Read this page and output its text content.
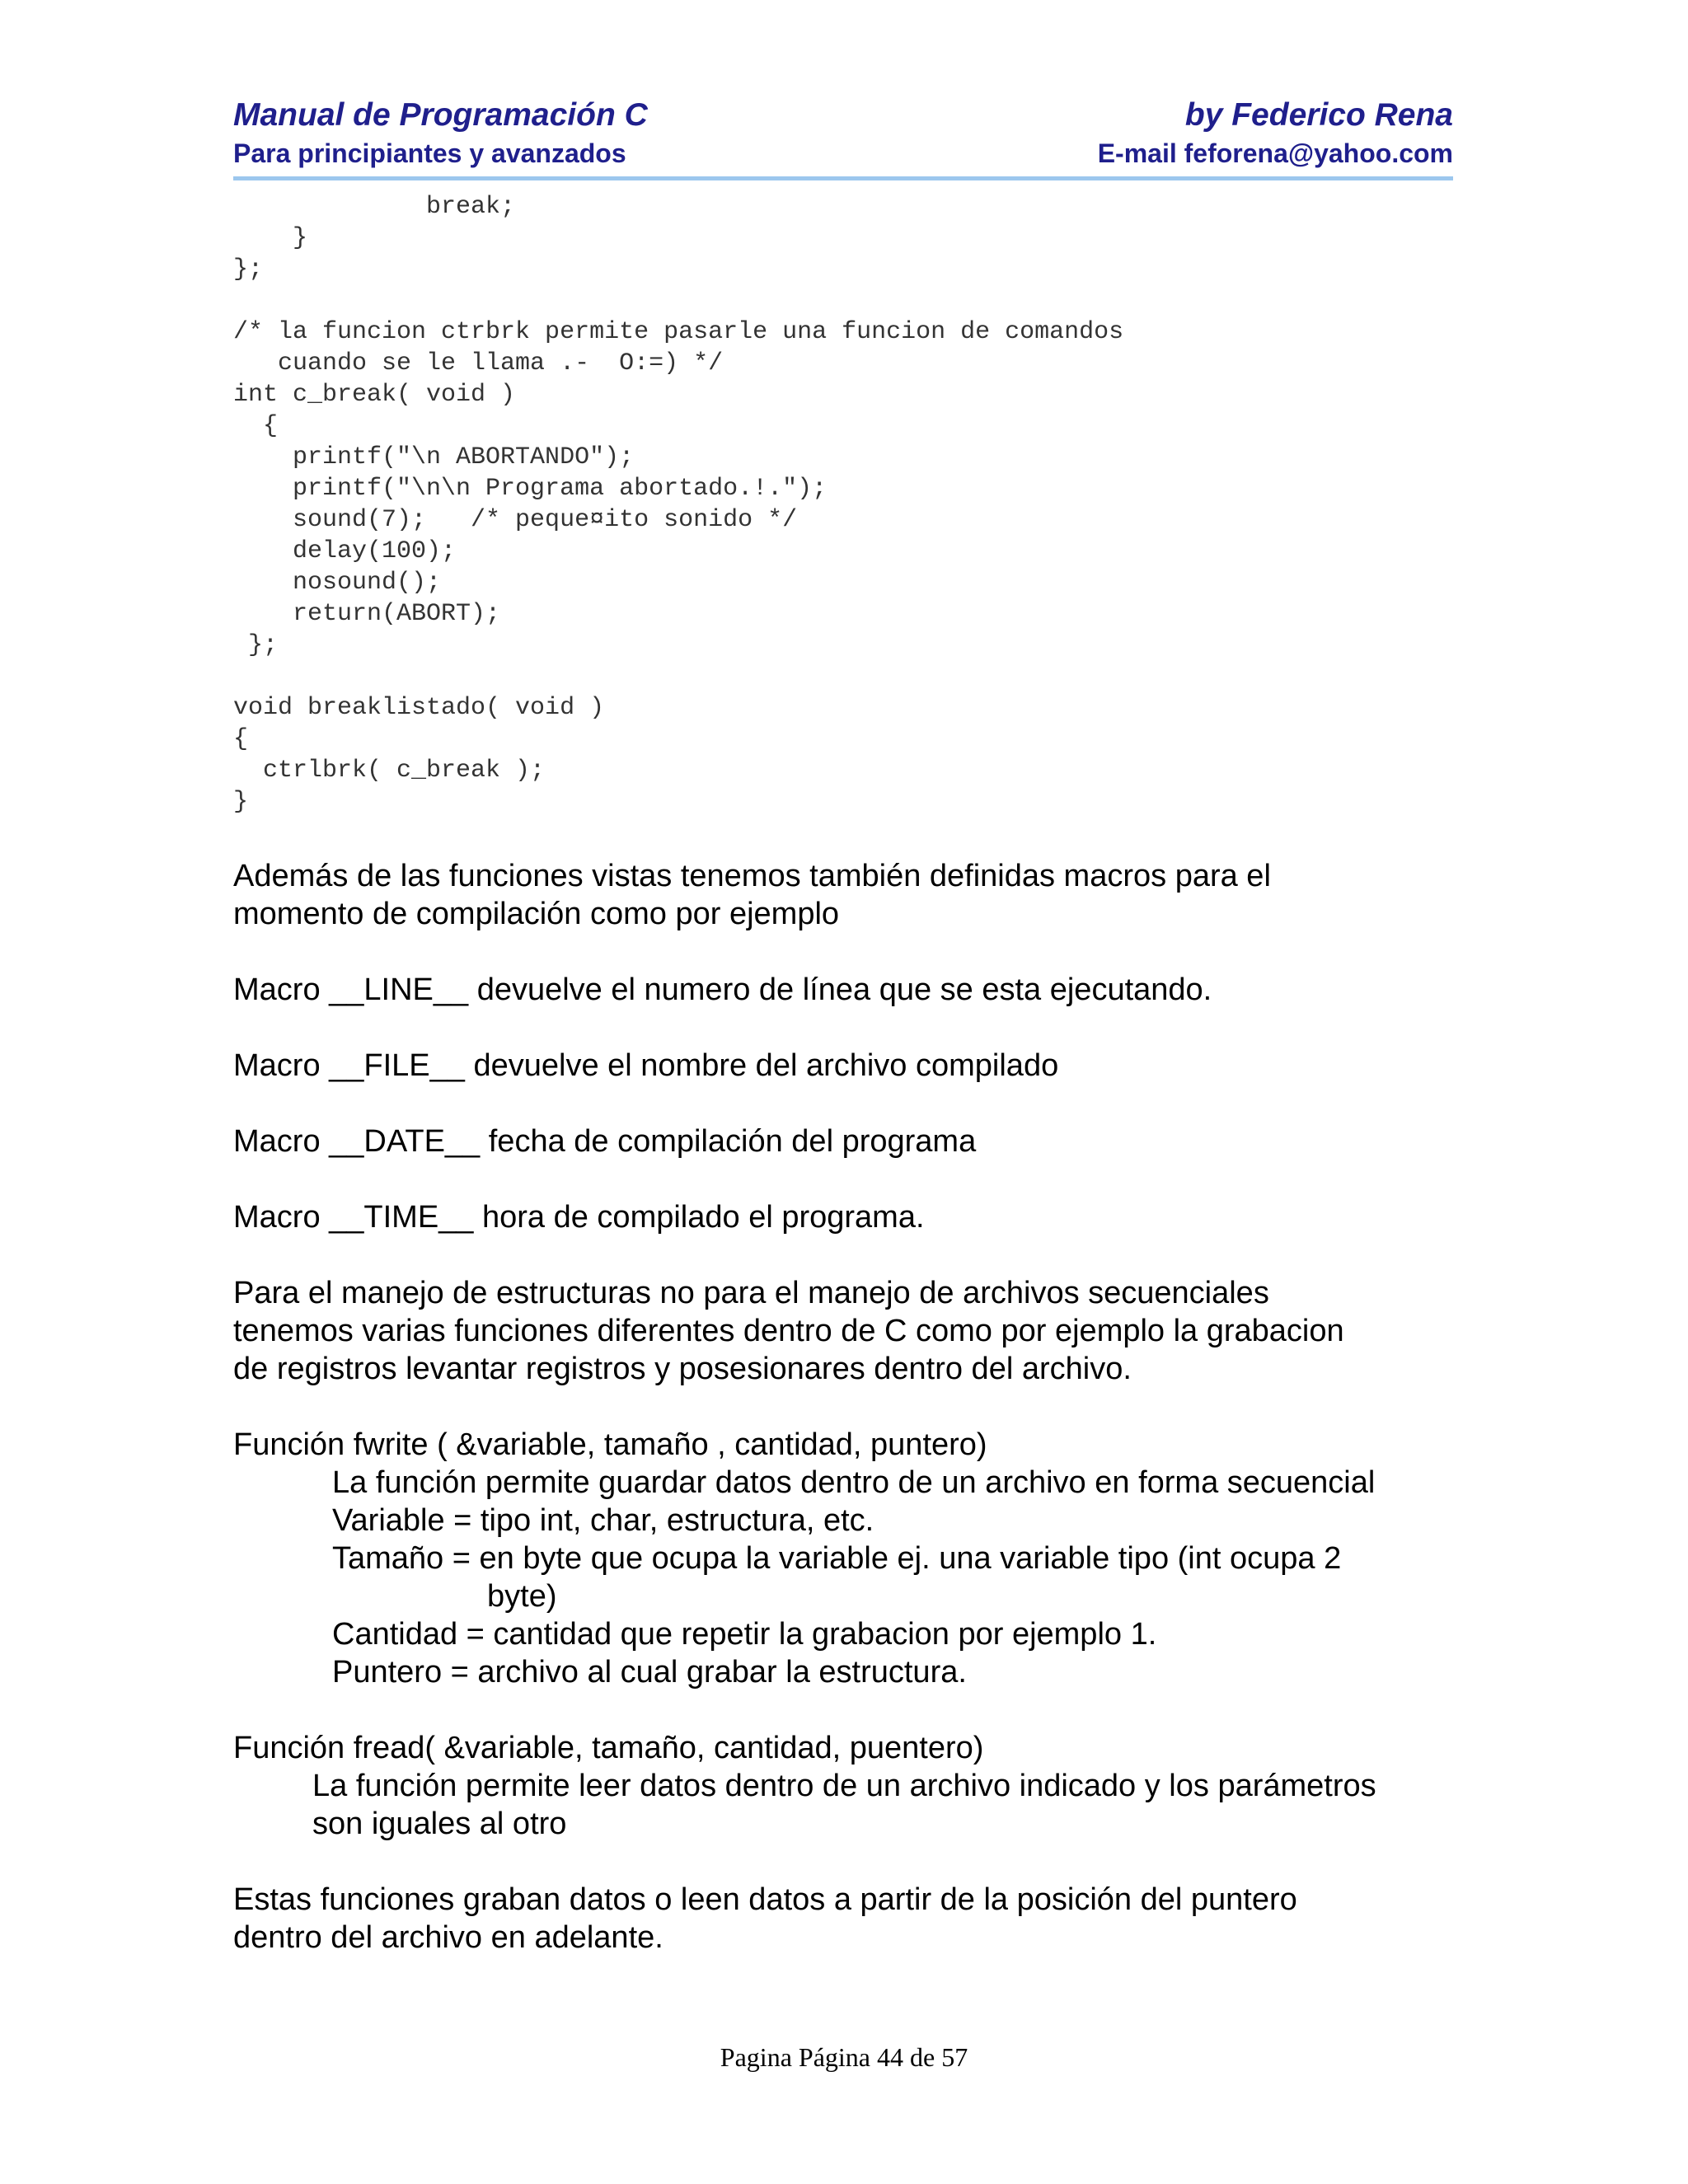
Manual de Programación C
Para principiantes y avanzados
by Federico Rena
E-mail feforena@yahoo.com
break;
}
};

/* la funcion ctrbrk permite pasarle una funcion de comandos
cuando se le llama .-  O:=) */
int c_break( void )
{
printf("\n ABORTANDO");
printf("\n\n Programa abortado.!.");
sound(7);   /* peque¤ito sonido */
delay(100);
nosound();
return(ABORT);
};

void breaklistado( void )
{
ctrlbrk( c_break );
}

Además de las funciones vistas tenemos también definidas macros para el

momento de compilación como por ejemplo

Macro __LINE__ devuelve el numero de línea que se esta ejecutando.

Macro __FILE__ devuelve el nombre del archivo compilado

Macro __DATE__ fecha de compilación del programa

Macro __TIME__ hora de compilado el programa.

Para el manejo de estructuras no para el manejo de archivos secuenciales

tenemos varias funciones diferentes dentro de C como por ejemplo la grabacion

de registros levantar registros y posesionares dentro del archivo.

Función fwrite ( &variable, tamaño , cantidad, puntero)

La función permite guardar datos dentro de un archivo en forma secuencial

Variable = tipo int, char, estructura, etc.

Tamaño = en byte que ocupa la variable ej. una variable tipo (int ocupa 2

byte)

Cantidad = cantidad que repetir la grabacion por ejemplo 1.

Puntero = archivo al cual grabar la estructura.

Función fread( &variable, tamaño, cantidad, puentero)

La función permite leer datos dentro de un archivo indicado y los parámetros

son iguales al otro

Estas funciones graban datos o leen datos a partir de la posición del puntero

dentro del archivo en adelante.

Pagina Página 44 de 57
